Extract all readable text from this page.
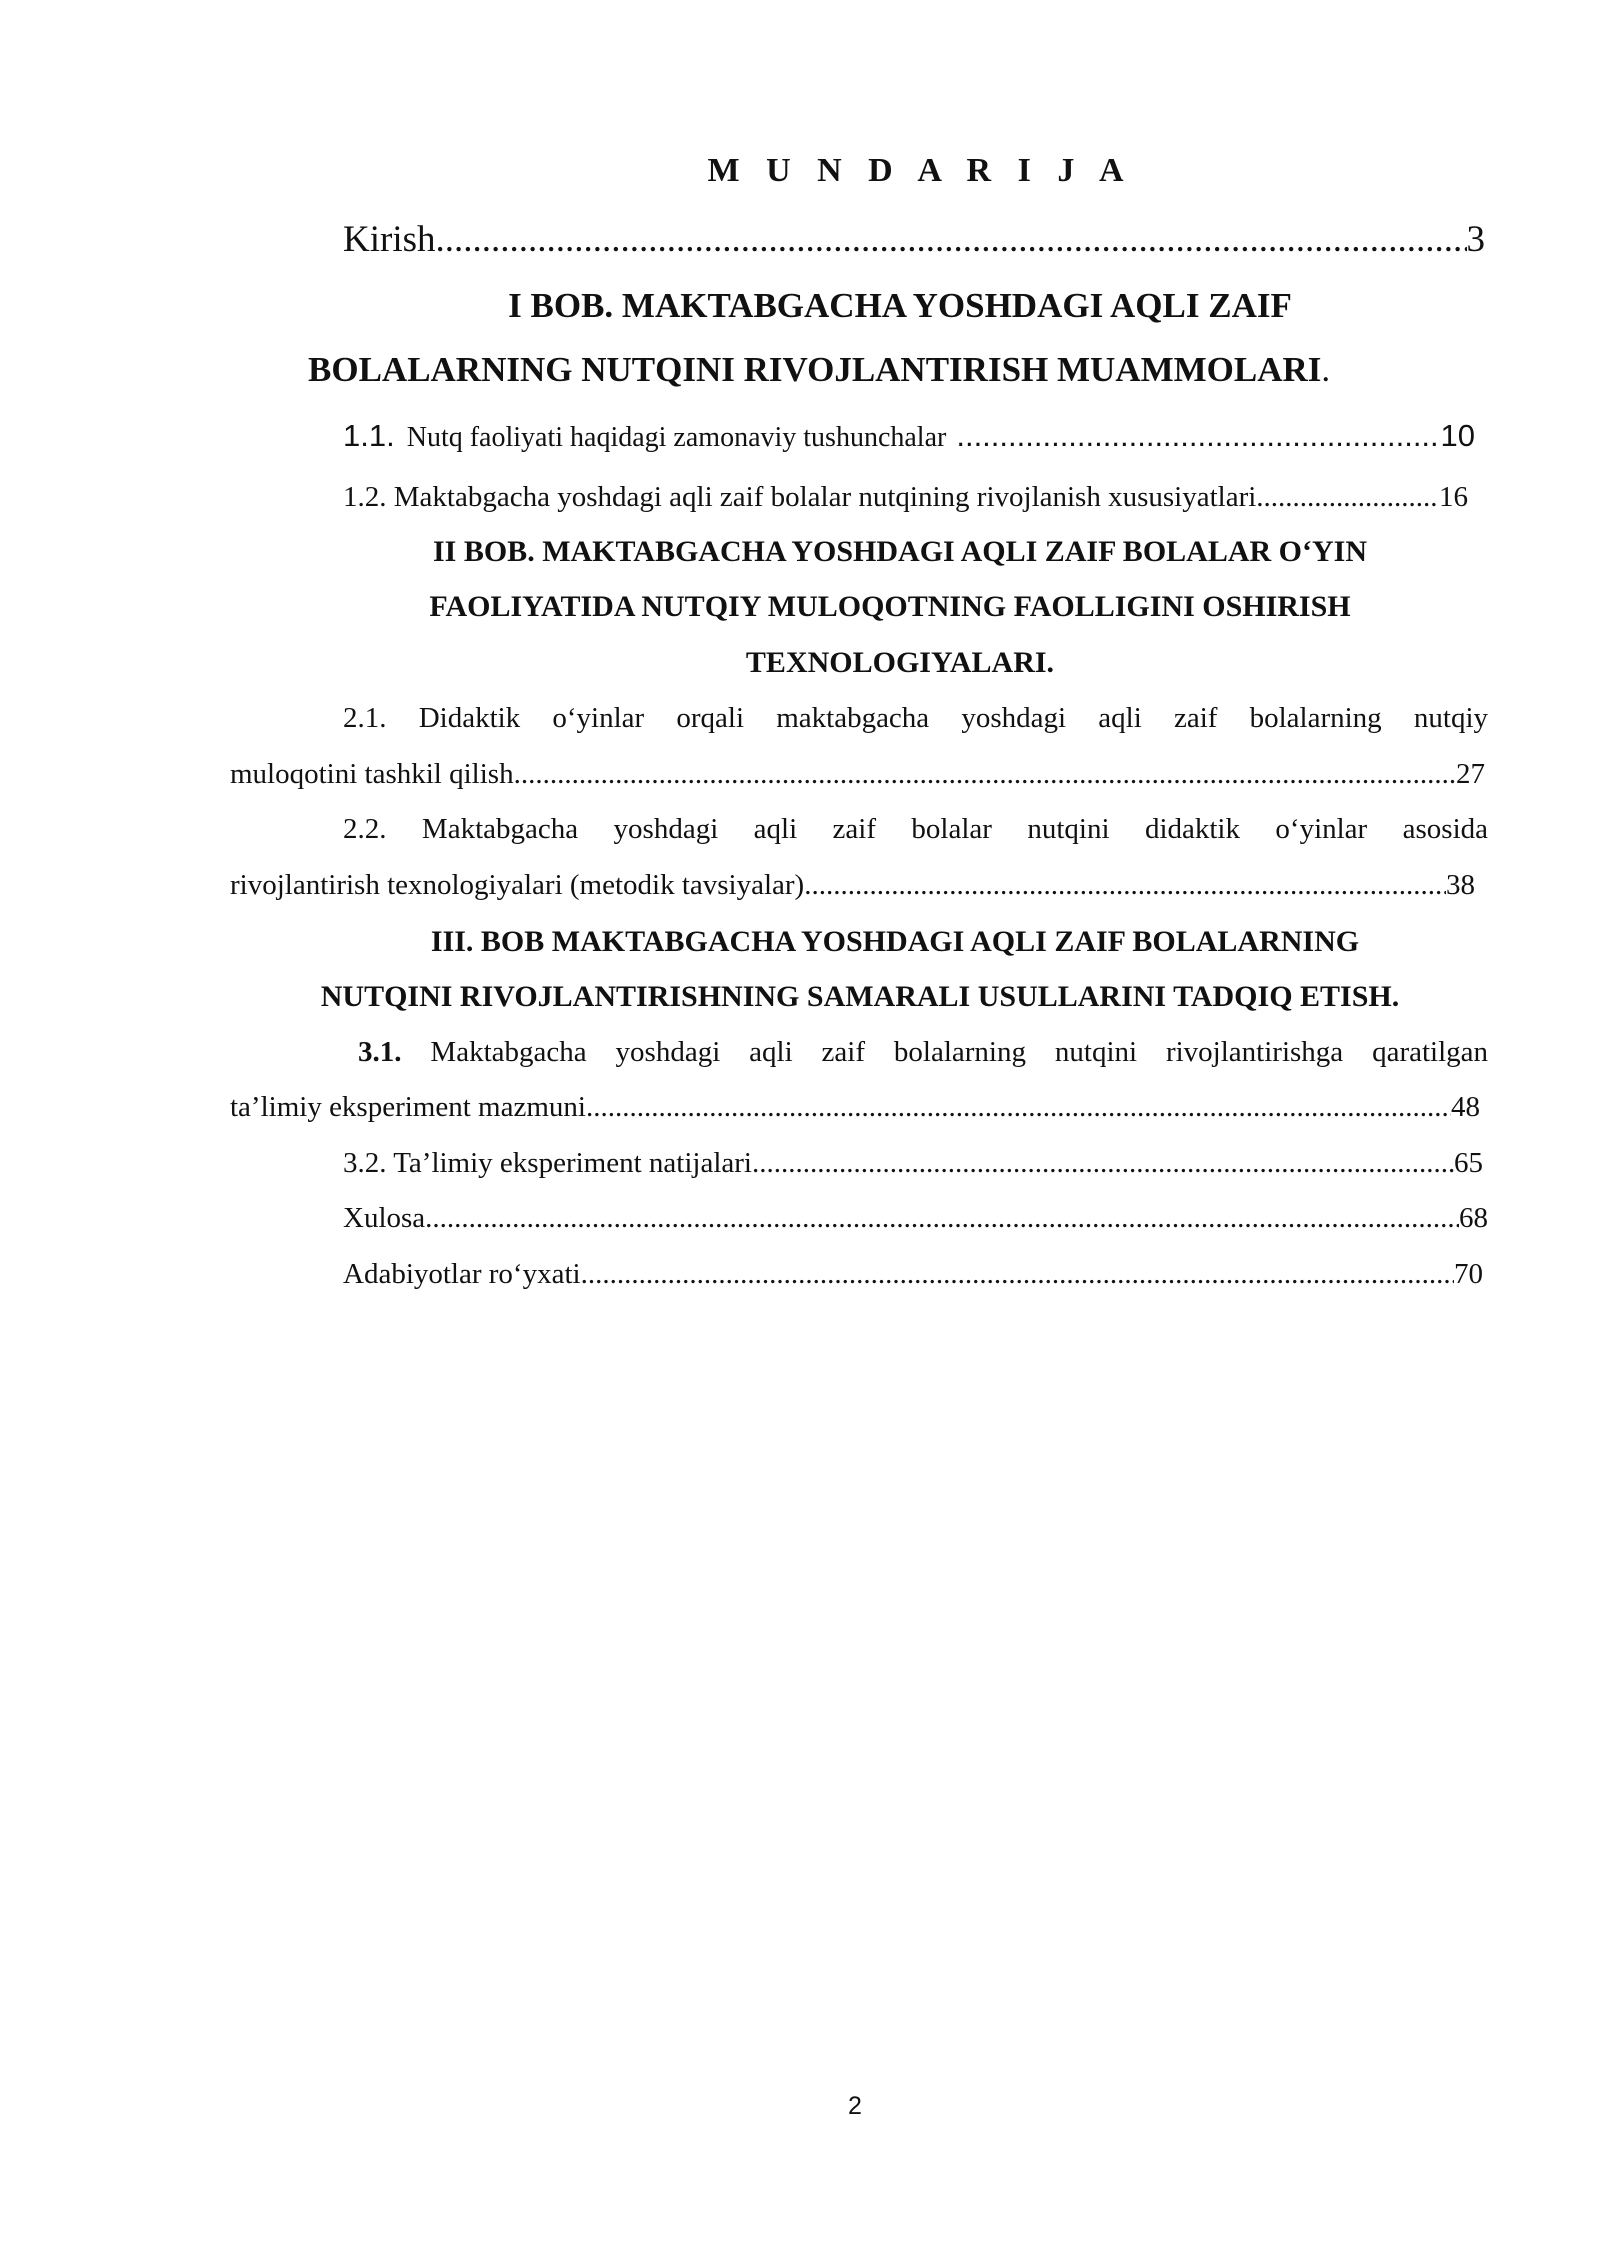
M U N D A R I J A
Kirish .....	3
I BOB. MAKTABGACHA YOSHDAGI AQLI ZAIF
BOLALARNING NUTQINI RIVOJLANTIRISH MUAMMOLARI.
1.1. Nutq faoliyati haqidagi zamonaviy tushunchalar .....	10
1.2. Maktabgacha yoshdagi aqli zaif bolalar nutqining rivojlanish xususiyatlari .....	16
II BOB. MAKTABGACHA YOSHDAGI AQLI ZAIF BOLALAR O‘YIN
FAOLIYATIDA NUTQIY MULOQOTNING FAOLLIGINI OSHIRISH
TEXNOLOGIYALARI.
2.1. Didaktik o‘yinlar orqali maktabgacha yoshdagi aqli zaif bolalarning nutqiy
muloqotini tashkil qilish .....	27
2.2. Maktabgacha yoshdagi aqli zaif bolalar nutqini didaktik o‘yinlar asosida
rivojlantirish texnologiyalari (metodik tavsiyalar) .....	38
III. BOB MAKTABGACHA YOSHDAGI AQLI ZAIF BOLALARNING
NUTQINI RIVOJLANTIRISHNING SAMARALI USULLARINI TADQIQ ETISH.
3.1. Maktabgacha yoshdagi aqli zaif bolalarning nutqini rivojlantirishga qaratilgan
ta’limiy eksperiment mazmuni .....	48
3.2. Ta’limiy eksperiment natijalari .....	65
Xulosa .....	68
Adabiyotlar ro‘yxati .....	70
2
